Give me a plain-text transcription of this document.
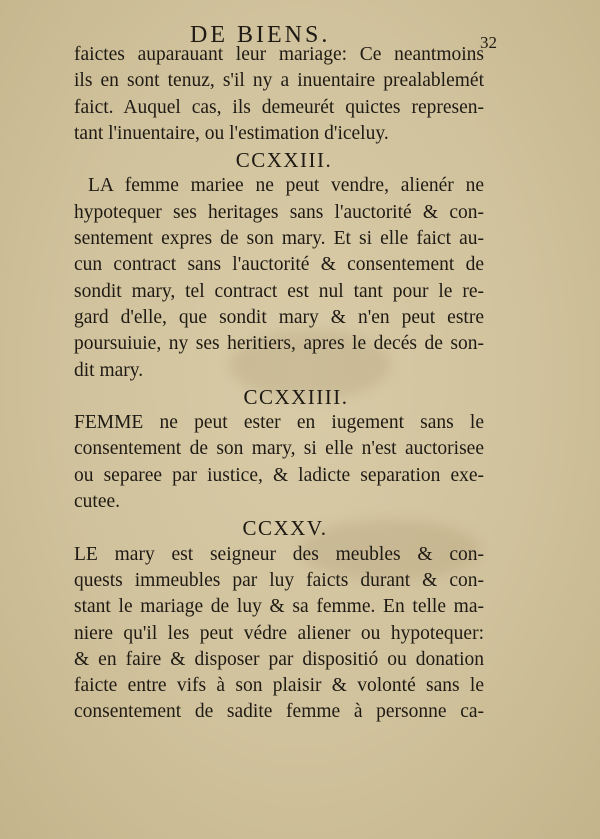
DE BIENS.	32
faictes auparauant leur mariage: Ce neantmoins
ils en sont tenuz, s'il ny a inuentaire prealablemét
faict. Auquel cas, ils demeurét quictes represen-
tant l'inuentaire, ou l'estimation d'iceluy.
CCXXIII.
LA femme mariee ne peut vendre, alienér ne
hypotequer ses heritages sans l'auctorité & con-
sentement expres de son mary. Et si elle faict au-
cun contract sans l'auctorité & consentement de
sondit mary, tel contract est nul tant pour le re-
gard d'elle, que sondit mary & n'en peut estre
poursuiuie, ny ses heritiers, apres le decés de son-
dit mary.
CCXXIIII.
FEMME ne peut ester en iugement sans le
consentement de son mary, si elle n'est auctorisee
ou separee par iustice, & ladicte separation exe-
cutee.
CCXXV.
LE mary est seigneur des meubles & con-
quests immeubles par luy faicts durant & con-
stant le mariage de luy & sa femme. En telle ma-
niere qu'il les peut védre aliener ou hypotequer:
& en faire & disposer par dispositió ou donation
faicte entre vifs à son plaisir & volonté sans le
consentement de sadite femme à personne ca-
